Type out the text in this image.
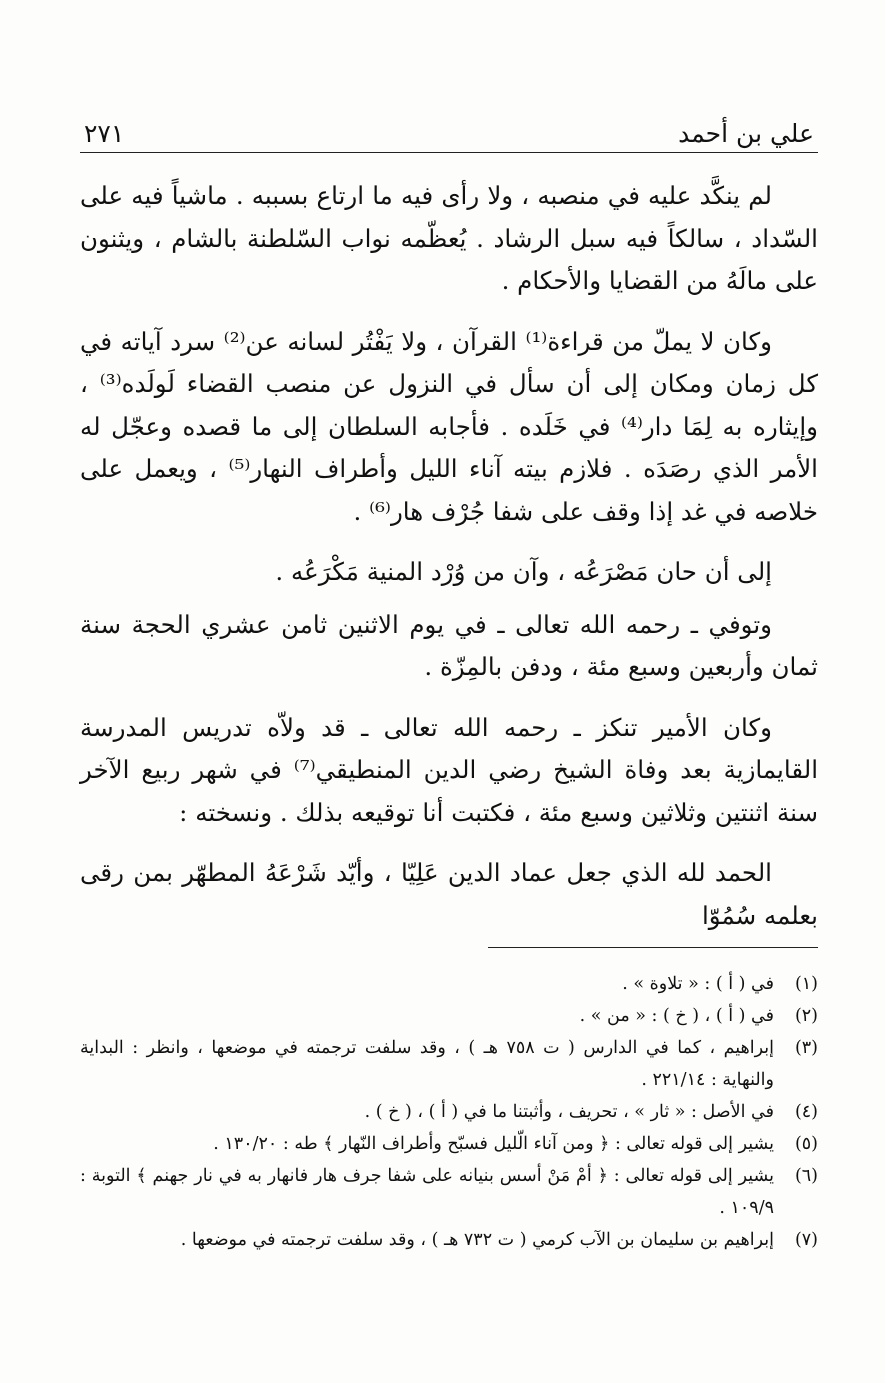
علي بن أحمد
٢٧١

لم ينكَّد عليه في منصبه ، ولا رأى فيه ما ارتاع بسببه . ماشياً فيه على السّداد ، سالكاً فيه سبل الرشاد . يُعظّمه نواب السّلطنة بالشام ، ويثنون على مالَهُ من القضايا والأحكام .

وكان لا يملّ من قراءة⁽¹⁾ القرآن ، ولا يَفْتُر لسانه عن⁽²⁾ سرد آياته في كل زمان ومكان إلى أن سأل في النزول عن منصب القضاء لَولَده⁽³⁾ ، وإيثاره به لِمَا دار⁽⁴⁾ في خَلَده . فأجابه السلطان إلى ما قصده وعجّل له الأمر الذي رصَدَه . فلازم بيته آناء الليل وأطراف النهار⁽⁵⁾ ، ويعمل على خلاصه في غد إذا وقف على شفا جُرْف هار⁽⁶⁾ .

إلى أن حان مَصْرَعُه ، وآن من وُرْد المنية مَكْرَعُه .

وتوفي ـ رحمه الله تعالى ـ في يوم الاثنين ثامن عشري الحجة سنة ثمان وأربعين وسبع مئة ، ودفن بالمِزّة .

وكان الأمير تنكز ـ رحمه الله تعالى ـ قد ولاّه تدريس المدرسة القايمازية بعد وفاة الشيخ رضي الدين المنطيقي⁽⁷⁾ في شهر ربيع الآخر سنة اثنتين وثلاثين وسبع مئة ، فكتبت أنا توقيعه بذلك . ونسخته :

الحمد لله الذي جعل عماد الدين عَلِيّا ، وأيّد شَرْعَهُ المطهّر بمن رقى بعلمه سُمُوّا

(١)
في ( أ ) : « تلاوة » .
(٢)
في ( أ ) ، ( خ ) : « من » .
(٣)
إبراهيم ، كما في الدارس ( ت ٧٥٨ هـ ) ، وقد سلفت ترجمته في موضعها ، وانظر : البداية والنهاية : ٢٢١/١٤ .
(٤)
في الأصل : « ثار » ، تحريف ، وأثبتنا ما في ( أ ) ، ( خ ) .
(٥)
يشير إلى قوله تعالى : ﴿ ومن آناء الّليل فسبّح وأطراف النّهار ﴾ طه : ١٣٠/٢٠ .
(٦)
يشير إلى قوله تعالى : ﴿ أمْ مَنْ أسس بنيانه على شفا جرف هار فانهار به في نار جهنم ﴾ التوبة : ١٠٩/٩ .
(٧)
إبراهيم بن سليمان بن الآب كرمي ( ت ٧٣٢ هـ ) ، وقد سلفت ترجمته في موضعها .
